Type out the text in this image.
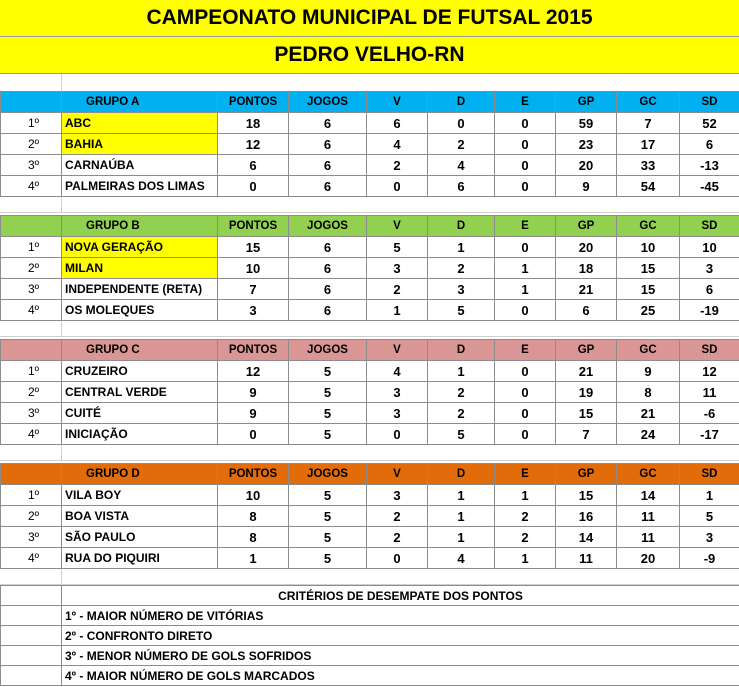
CAMPEONATO MUNICIPAL DE FUTSAL 2015
PEDRO VELHO-RN
	GRUPO A	PONTOS	JOGOS	V	D	E	GP	GC	SD
1º	ABC	18	6	6	0	0	59	7	52
2º	BAHIA	12	6	4	2	0	23	17	6
3º	CARNAÚBA	6	6	2	4	0	20	33	-13
4º	PALMEIRAS DOS LIMAS	0	6	0	6	0	9	54	-45
	GRUPO B	PONTOS	JOGOS	V	D	E	GP	GC	SD
1º	NOVA GERAÇÃO	15	6	5	1	0	20	10	10
2º	MILAN	10	6	3	2	1	18	15	3
3º	INDEPENDENTE (RETA)	7	6	2	3	1	21	15	6
4º	OS MOLEQUES	3	6	1	5	0	6	25	-19
	GRUPO C	PONTOS	JOGOS	V	D	E	GP	GC	SD
1º	CRUZEIRO	12	5	4	1	0	21	9	12
2º	CENTRAL VERDE	9	5	3	2	0	19	8	11
3º	CUITÉ	9	5	3	2	0	15	21	-6
4º	INICIAÇÃO	0	5	0	5	0	7	24	-17
	GRUPO D	PONTOS	JOGOS	V	D	E	GP	GC	SD
1º	VILA BOY	10	5	3	1	1	15	14	1
2º	BOA VISTA	8	5	2	1	2	16	11	5
3º	SÃO PAULO	8	5	2	1	2	14	11	3
4º	RUA DO PIQUIRI	1	5	0	4	1	11	20	-9
	CRITÉRIOS DE DESEMPATE DOS PONTOS
	1º - MAIOR NÚMERO DE VITÓRIAS
	2º - CONFRONTO DIRETO
	3º - MENOR NÚMERO DE GOLS SOFRIDOS
	4º - MAIOR NÚMERO DE GOLS MARCADOS
